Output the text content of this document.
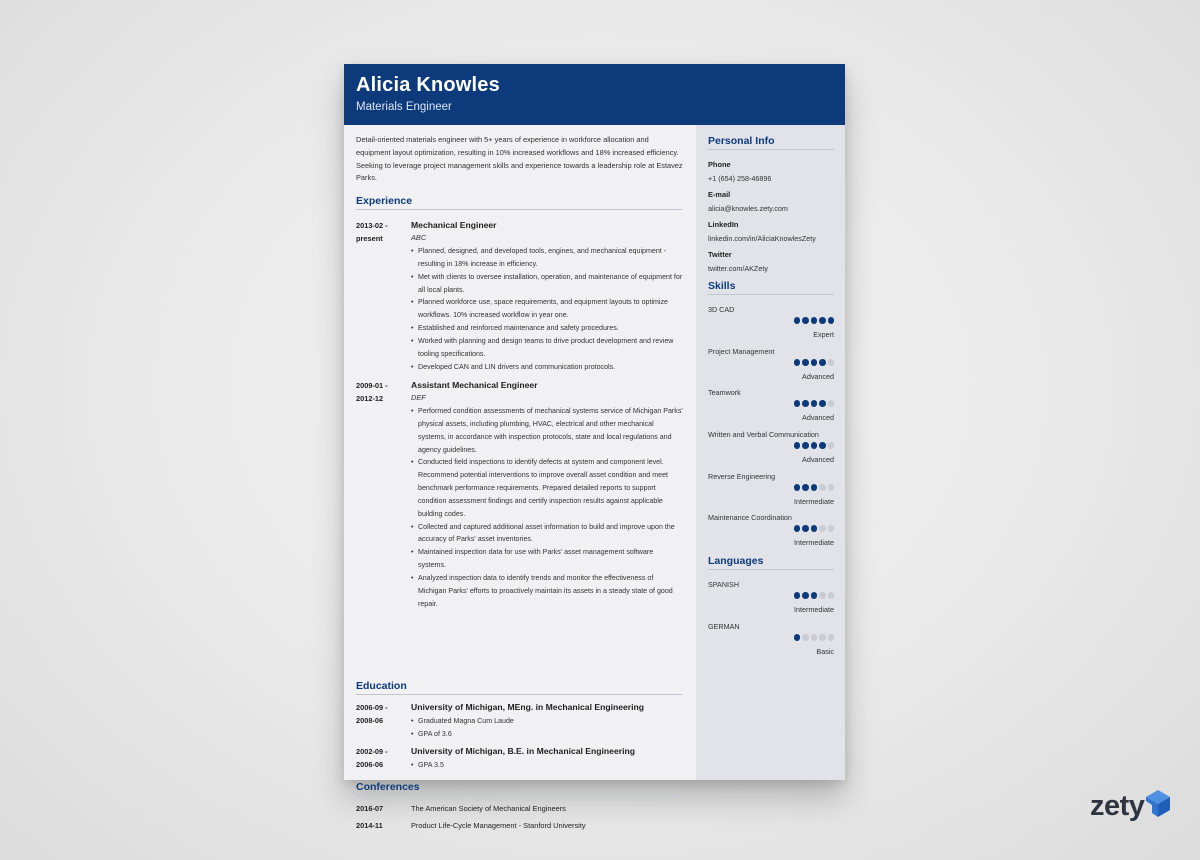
Alicia Knowles
Materials Engineer
Detail-oriented materials engineer with 5+ years of experience in workforce allocation and equipment layout optimization, resulting in 10% increased workflows and 18% increased efficiency. Seeking to leverage project management skills and experience towards a leadership role at Estavez Parks.
Experience
2013-02 - present
Mechanical Engineer
ABC
• Planned, designed, and developed tools, engines, and mechanical equipment - resulting in 18% increase in efficiency.
• Met with clients to oversee installation, operation, and maintenance of equipment for all local plants.
• Planned workforce use, space requirements, and equipment layouts to optimize workflows. 10% increased workflow in year one.
• Established and reinforced maintenance and safety procedures.
• Worked with planning and design teams to drive product development and review tooling specifications.
• Developed CAN and LIN drivers and communication protocols.
2009-01 - 2012-12
Assistant Mechanical Engineer
DEF
• Performed condition assessments of mechanical systems service of Michigan Parks' physical assets, including plumbing, HVAC, electrical and other mechanical systems, in accordance with inspection protocols, state and local regulations and agency guidelines.
• Conducted field inspections to identify defects at system and component level. Recommend potential interventions to improve overall asset condition and meet benchmark performance requirements. Prepared detailed reports to support condition assessment findings and certify inspection results against applicable building codes.
• Collected and captured additional asset information to build and improve upon the accuracy of Parks' asset inventories.
• Maintained inspection data for use with Parks' asset management software systems.
• Analyzed inspection data to identify trends and monitor the effectiveness of Michigan Parks' efforts to proactively maintain its assets in a steady state of good repair.
Education
2006-09 - 2008-06
University of Michigan, MEng. in Mechanical Engineering
• Graduated Magna Cum Laude
• GPA of 3.6
2002-09 - 2006-06
University of Michigan, B.E. in Mechanical Engineering
• GPA 3.5
Conferences
2016-07	The American Society of Mechanical Engineers
2014-11	Product Life-Cycle Management - Stanford University
Personal Info
Phone
+1 (654) 258-46896
E-mail
alicia@knowles.zety.com
LinkedIn
linkedin.com/in/AliciaKnowlesZety
Twitter
twitter.com/AKZety
Skills
3D CAD
Expert
Project Management
Advanced
Teamwork
Advanced
Written and Verbal Communication
Advanced
Reverse Engineering
Intermediate
Maintenance Coordination
Intermediate
Languages
SPANISH
Intermediate
GERMAN
Basic
zety
